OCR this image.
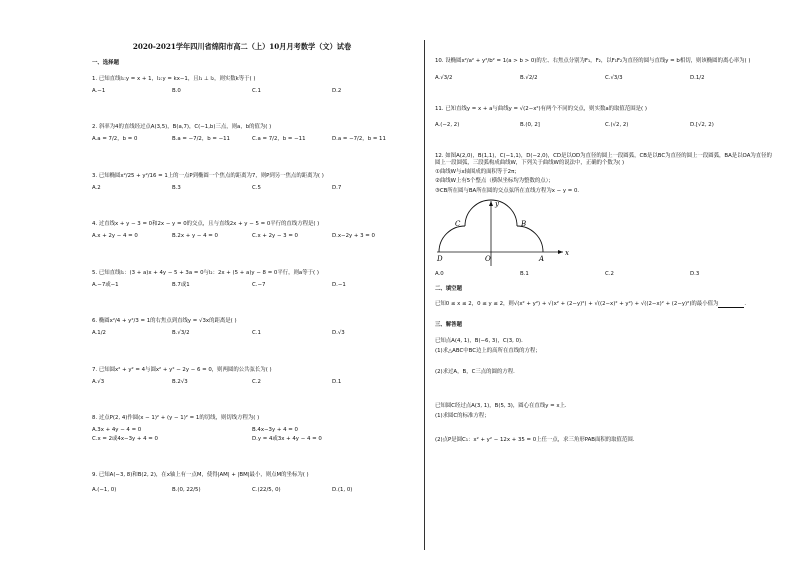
2020-2021学年四川省绵阳市高二（上）10月月考数学（文）试卷
一、选择题
1. 已知直线l₁:y = x + 1，l₂:y = kx−1，且l₁ ⊥ l₂，则实数k等于( )
A.−1	B.0	C.1	D.2
2. 斜率为4的直线经过点A(3,5)，B(a,7)，C(−1,b)三点，则a，b的值为( )
A.a = 7/2，b = 0	B.a = −7/2，b = −11	C.a = 7/2，b = −11	D.a = −7/2，b = 11
3. 已知椭圆x²/25 + y²/16 = 1上的一点P到椭圆一个焦点的距离为7，则P到另一焦点的距离为( )
A.2	B.3	C.5	D.7
4. 过直线x + y − 3 = 0和2x − y = 0的交点，且与直线2x + y − 5 = 0平行的直线方程是( )
A.x + 2y − 4 = 0	B.2x + y − 4 = 0	C.x + 2y − 3 = 0	D.x−2y + 3 = 0
5. 已知直线l₁：(3 + a)x + 4y − 5 + 3a = 0与l₂：2x + (5 + a)y − 8 = 0平行，则a等于( )
A.−7或−1	B.7或1	C.−7	D.−1
6. 椭圆x²/4 + y²/3 = 1的右焦点到直线y = √3x的距离是( )
A.1/2	B.√3/2	C.1	D.√3
7. 已知圆x² + y² = 4与圆x² + y² − 2y − 6 = 0，则两圆的公共弦长为( )
A.√3	B.2√3	C.2	D.1
8. 过点P(2, 4)作圆(x − 1)² + (y − 1)² = 1的切线，则切线方程为( )
A.3x + 4y − 4 = 0	B.4x−3y + 4 = 0
C.x = 2或4x−3y + 4 = 0	D.y = 4或3x + 4y − 4 = 0
9. 已知A(−3, 8)和B(2, 2)，在x轴上有一点M，使得|AM| + |BM|最小，则点M的坐标为( )
A.(−1, 0)	B.(0, 22/5)	C.(22/5, 0)	D.(1, 0)
10. 设椭圆x²/a² + y²/b² = 1(a > b > 0)的左、右焦点分别为F₁，F₂，以F₁F₂为直径的圆与直线y = b相切，则该椭圆的离心率为( )
A.√3/2	B.√2/2	C.√3/3	D.1/2
11. 已知直线y = x + a与曲线y = √(2−x²)有两个不同的交点，则实数a的取值范围是( )
A.(−2, 2)	B.(0, 2]	C.(√2, 2)	D.[√2, 2)
12. 如图A(2,0)，B(1,1)，C(−1,1)，D(−2,0)，CD是以OD为直径的圆上一段圆弧，CB是以BC为直径的圆上一段圆弧，BA是以OA为直径的圆上一段圆弧，三段弧构成曲线W，下列关于曲线W的说法中，正确的个数为( )
①曲线W与x轴围成的面积等于2π；
②曲线W上有5个整点（横纵坐标均为整数的点）；
③CB所在圆与BA所在圆的交点弦所在直线方程为x − y = 0．
y
x
C	B
D	O	A
A.0	B.1	C.2	D.3
二、填空题
已知0 ≤ x ≤ 2，0 ≤ y ≤ 2，则√(x² + y²) + √(x² + (2−y)²) + √((2−x)² + y²) + √((2−x)² + (2−y)²)的最小值为	．
三、解答题
已知点A(4, 1)，B(−6, 3)，C(3, 0)．
(1)求△ABC中BC边上的高所在直线的方程；
(2)求过A，B，C三点的圆的方程．
已知圆C经过点A(3, 1)，B(5, 3)，圆心在直线y = x上．
(1)求圆C的标准方程；
(2)点P是圆C₁：x² + y² − 12x + 35 = 0上任一点，求三角形PAB面积的取值范围．
